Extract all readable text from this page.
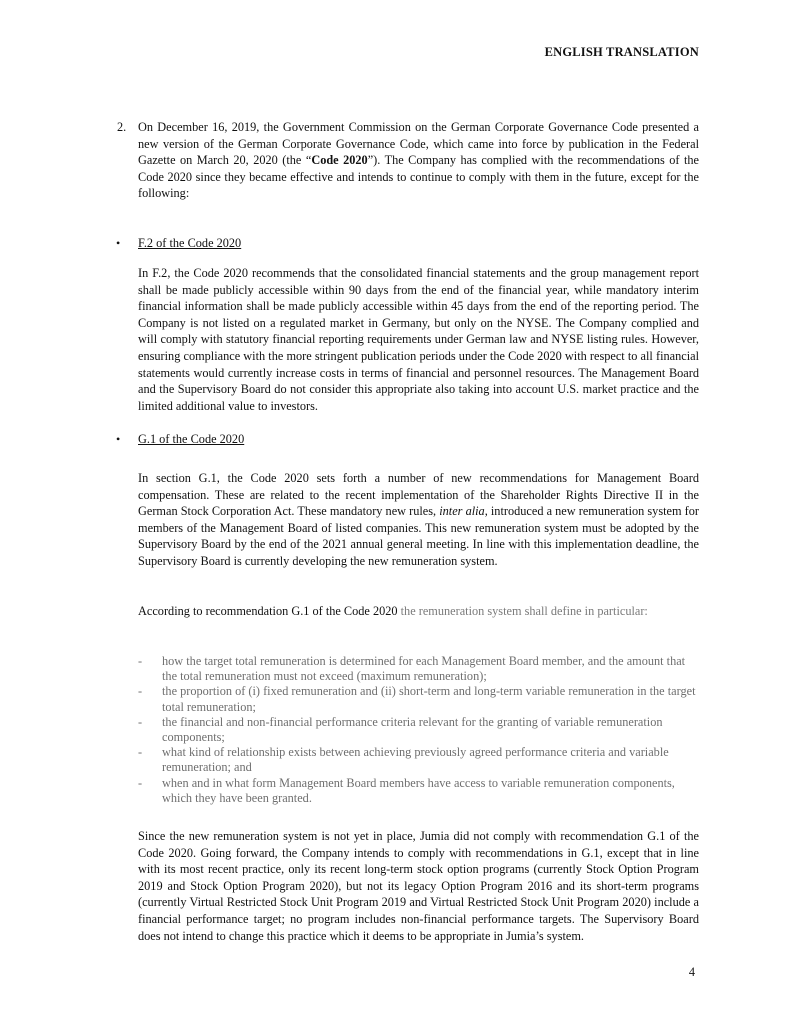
ENGLISH TRANSLATION
2. On December 16, 2019, the Government Commission on the German Corporate Governance Code presented a new version of the German Corporate Governance Code, which came into force by publication in the Federal Gazette on March 20, 2020 (the “Code 2020”). The Company has complied with the recommendations of the Code 2020 since they became effective and intends to continue to comply with them in the future, except for the following:

• F.2 of the Code 2020

In F.2, the Code 2020 recommends that the consolidated financial statements and the group management report shall be made publicly accessible within 90 days from the end of the financial year, while mandatory interim financial information shall be made publicly accessible within 45 days from the end of the reporting period. The Company is not listed on a regulated market in Germany, but only on the NYSE. The Company complied and will comply with statutory financial reporting requirements under German law and NYSE listing rules. However, ensuring compliance with the more stringent publication periods under the Code 2020 with respect to all financial statements would currently increase costs in terms of financial and personnel resources. The Management Board and the Supervisory Board do not consider this appropriate also taking into account U.S. market practice and the limited additional value to investors.

• G.1 of the Code 2020

In section G.1, the Code 2020 sets forth a number of new recommendations for Management Board compensation. These are related to the recent implementation of the Shareholder Rights Directive II in the German Stock Corporation Act. These mandatory new rules, inter alia, introduced a new remuneration system for members of the Management Board of listed companies. This new remuneration system must be adopted by the Supervisory Board by the end of the 2021 annual general meeting. In line with this implementation deadline, the Supervisory Board is currently developing the new remuneration system.

According to recommendation G.1 of the Code 2020 the remuneration system shall define in particular:

- how the target total remuneration is determined for each Management Board member, and the amount that the total remuneration must not exceed (maximum remuneration);
- the proportion of (i) fixed remuneration and (ii) short-term and long-term variable remuneration in the target total remuneration;
- the financial and non-financial performance criteria relevant for the granting of variable remuneration components;
- what kind of relationship exists between achieving previously agreed performance criteria and variable remuneration; and
- when and in what form Management Board members have access to variable remuneration components, which they have been granted.

Since the new remuneration system is not yet in place, Jumia did not comply with recommendation G.1 of the Code 2020. Going forward, the Company intends to comply with recommendations in G.1, except that in line with its most recent practice, only its recent long-term stock option programs (currently Stock Option Program 2019 and Stock Option Program 2020), but not its legacy Option Program 2016 and its short-term programs (currently Virtual Restricted Stock Unit Program 2019 and Virtual Restricted Stock Unit Program 2020) include a financial performance target; no program includes non-financial performance targets. The Supervisory Board does not intend to change this practice which it deems to be appropriate in Jumia’s system.

4
